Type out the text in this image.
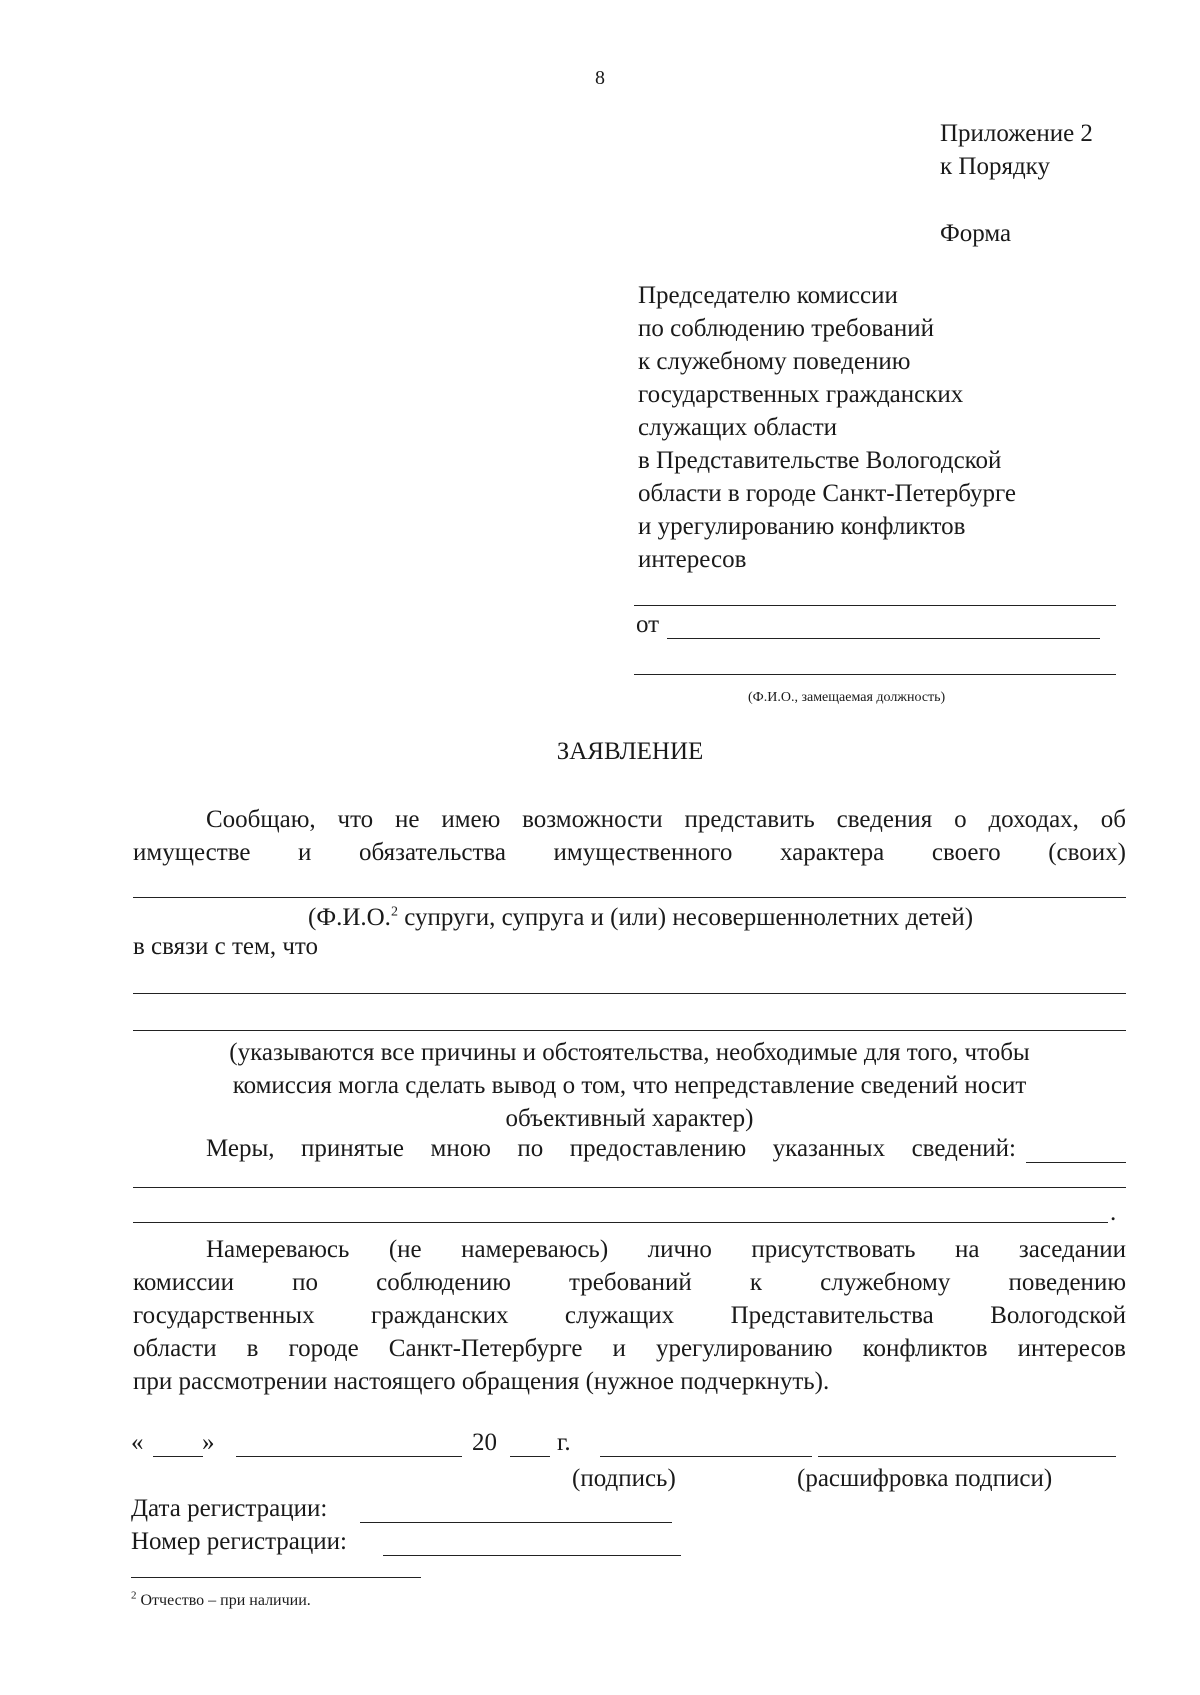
8
Приложение 2
к Порядку
Форма
Председателю комиссии
по соблюдению требований
к служебному поведению
государственных гражданских
служащих области
в Представительстве Вологодской
области в городе Санкт-Петербурге
и урегулированию конфликтов
интересов
от
(Ф.И.О., замещаемая должность)
ЗАЯВЛЕНИЕ
Сообщаю, что не имею возможности представить сведения о доходах, об
имуществе и обязательства имущественного характера своего (своих)
(Ф.И.О.$^2$ супруги, супруга и (или) несовершеннолетних детей)
в связи с тем, что
(указываются все причины и обстоятельства, необходимые для того, чтобы
комиссия могла сделать вывод о том, что непредставление сведений носит
объективный характер)
Меры, принятые мною по предоставлению указанных сведений:
.
Намереваюсь (не намереваюсь) лично присутствовать на заседании
комиссии по соблюдению требований к служебному поведению
государственных гражданских служащих Представительства Вологодской
области в городе Санкт-Петербурге и урегулированию конфликтов интересов
при рассмотрении настоящего обращения (нужное подчеркнуть).
« »	20 г.
(подпись)	(расшифровка подписи)
Дата регистрации:
Номер регистрации:
$^2$ Отчество – при наличии.
